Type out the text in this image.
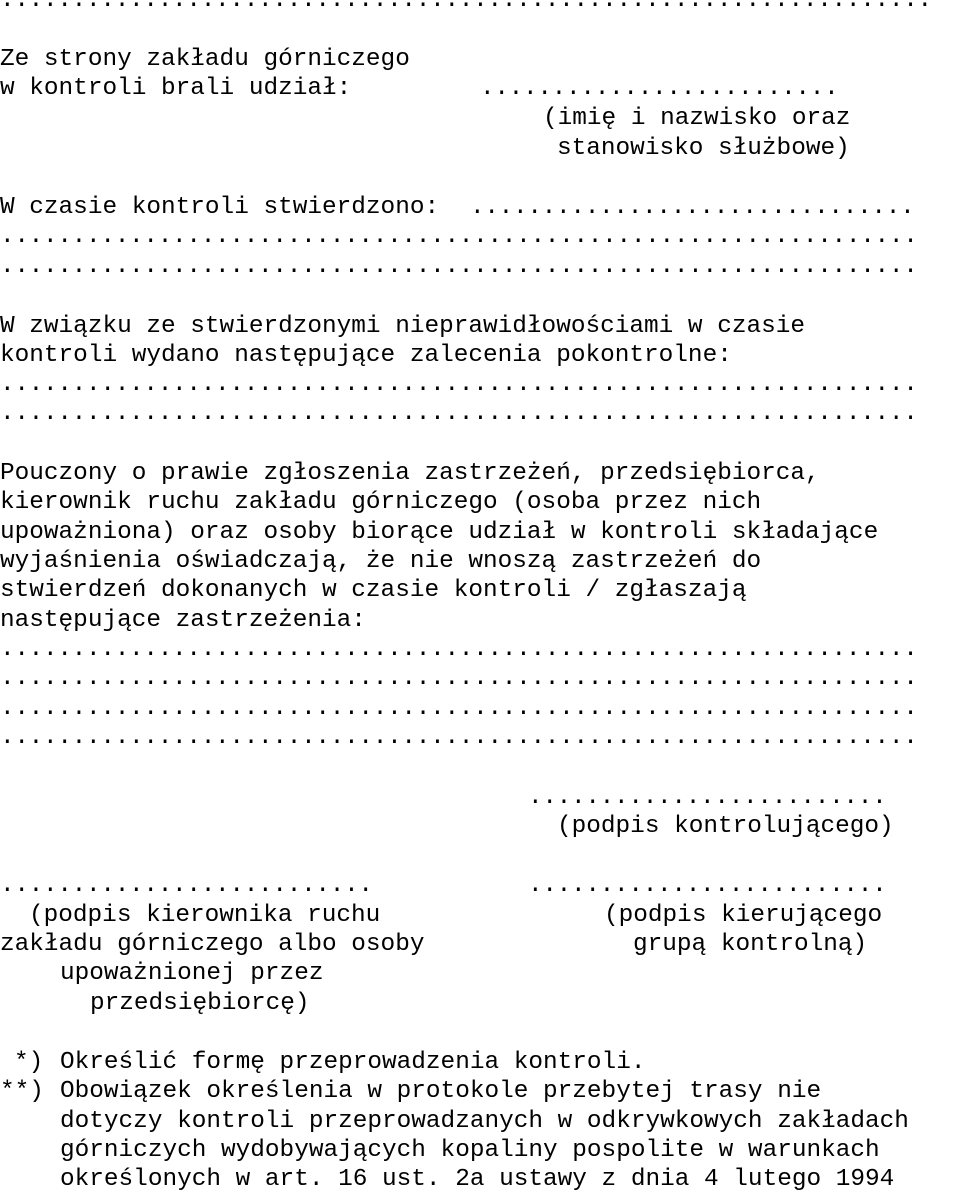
.................................................................
Ze strony zakładu górniczego
w kontroli brali udział:	.........................
(imię i nazwisko oraz
stanowisko służbowe)
W czasie kontroli stwierdzono: ...............................
................................................................
................................................................
W związku ze stwierdzonymi nieprawidłowościami w czasie
kontroli wydano następujące zalecenia pokontrolne:
................................................................
................................................................
Pouczony o prawie zgłoszenia zastrzeżeń, przedsiębiorca,
kierownik ruchu zakładu górniczego (osoba przez nich
upoważniona) oraz osoby biorące udział w kontroli składające
wyjaśnienia oświadczają, że nie wnoszą zastrzeżeń do
stwierdzeń dokonanych w czasie kontroli / zgłaszają
następujące zastrzeżenia:
................................................................
................................................................
................................................................
................................................................
.........................
(podpis kontrolującego)
..........................
(podpis kierownika ruchu
zakładu górniczego albo osoby
upoważnionej przez
przedsiębiorcę)
.........................
(podpis kierującego
grupą kontrolną)
*) Określić formę przeprowadzenia kontroli.
**) Obowiązek określenia w protokole przebytej trasy nie
dotyczy kontroli przeprowadzanych w odkrywkowych zakładach
górniczych wydobywających kopaliny pospolite w warunkach
określonych w art. 16 ust. 2a ustawy z dnia 4 lutego 1994
